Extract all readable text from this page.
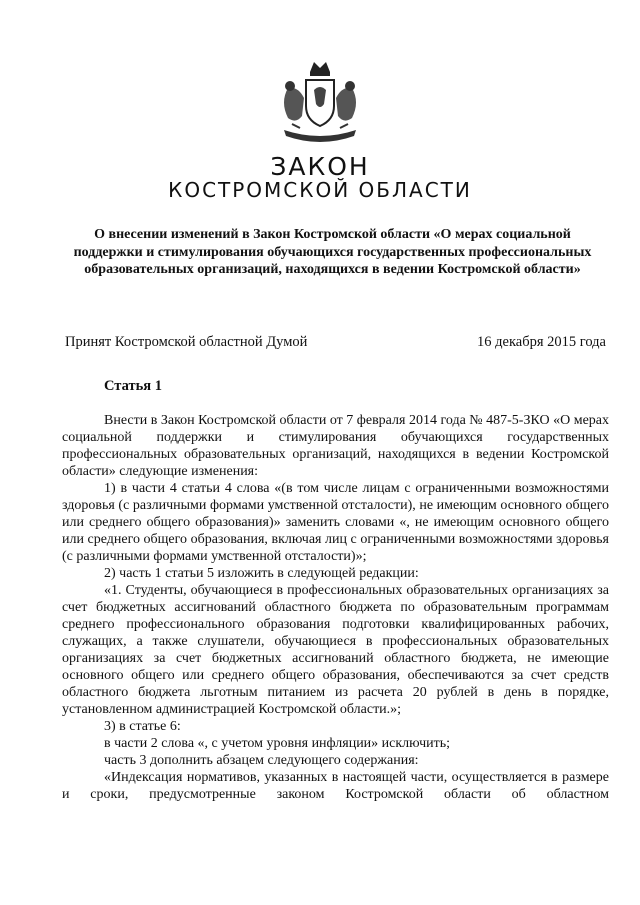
ЗАКОН
КОСТРОМСКОЙ ОБЛАСТИ
О внесении изменений в Закон Костромской области «О мерах социальной поддержки и стимулирования обучающихся государственных профессиональных образовательных организаций, находящихся в ведении Костромской области»
Принят Костромской областной Думой	16 декабря 2015 года
Статья 1

Внести в Закон Костромской области от 7 февраля 2014 года № 487-5-ЗКО «О мерах социальной поддержки и стимулирования обучающихся государственных профессиональных образовательных организаций, находящихся в ведении Костромской области» следующие изменения:

1) в части 4 статьи 4 слова «(в том числе лицам с ограниченными возможностями здоровья (с различными формами умственной отсталости), не имеющим основного общего или среднего общего образования)» заменить словами «, не имеющим основного общего или среднего общего образования, включая лиц с ограниченными возможностями здоровья (с различными формами умственной отсталости)»;

2) часть 1 статьи 5 изложить в следующей редакции:

«1. Студенты, обучающиеся в профессиональных образовательных организациях за счет бюджетных ассигнований областного бюджета по образовательным программам среднего профессионального образования подготовки квалифицированных рабочих, служащих, а также слушатели, обучающиеся в профессиональных образовательных организациях за счет бюджетных ассигнований областного бюджета, не имеющие основного общего или среднего общего образования, обеспечиваются за счет средств областного бюджета льготным питанием из расчета 20 рублей в день в порядке, установленном администрацией Костромской области.»;

3) в статье 6:

в части 2 слова «, с учетом уровня инфляции» исключить;

часть 3 дополнить абзацем следующего содержания:

«Индексация нормативов, указанных в настоящей части, осуществляется в размере и сроки, предусмотренные законом Костромской области об областном
